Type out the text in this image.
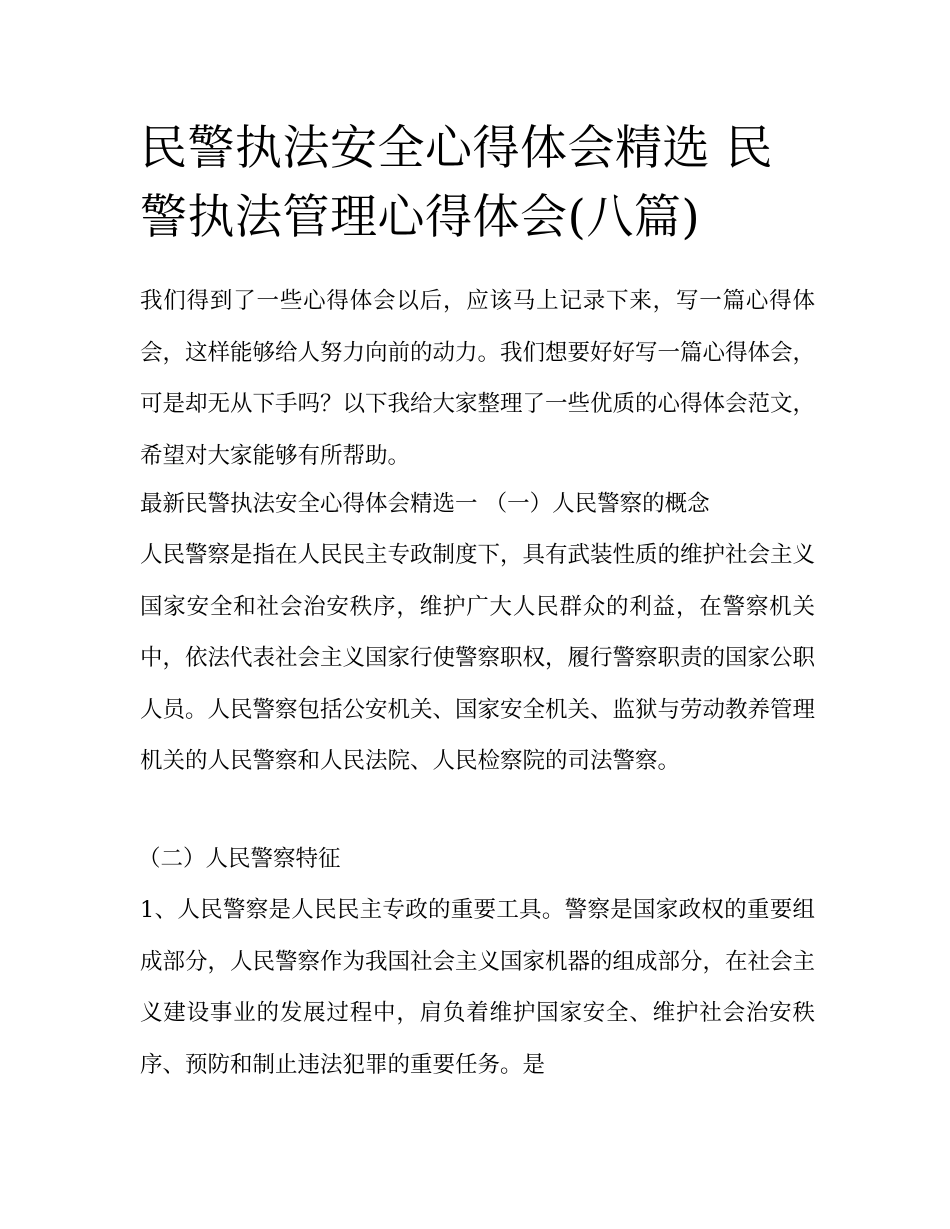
民警执法安全心得体会精选 民警执法管理心得体会(八篇)

我们得到了一些心得体会以后，应该马上记录下来，写一篇心得体会，这样能够给人努力向前的动力。我们想要好好写一篇心得体会，可是却无从下手吗？以下我给大家整理了一些优质的心得体会范文，希望对大家能够有所帮助。

最新民警执法安全心得体会精选一 （一）人民警察的概念

人民警察是指在人民民主专政制度下，具有武装性质的维护社会主义国家安全和社会治安秩序，维护广大人民群众的利益，在警察机关中，依法代表社会主义国家行使警察职权，履行警察职责的国家公职人员。人民警察包括公安机关、国家安全机关、监狱与劳动教养管理机关的人民警察和人民法院、人民检察院的司法警察。

（二）人民警察特征

1、人民警察是人民民主专政的重要工具。警察是国家政权的重要组成部分，人民警察作为我国社会主义国家机器的组成部分，在社会主义建设事业的发展过程中，肩负着维护国家安全、维护社会治安秩序、预防和制止违法犯罪的重要任务。是
